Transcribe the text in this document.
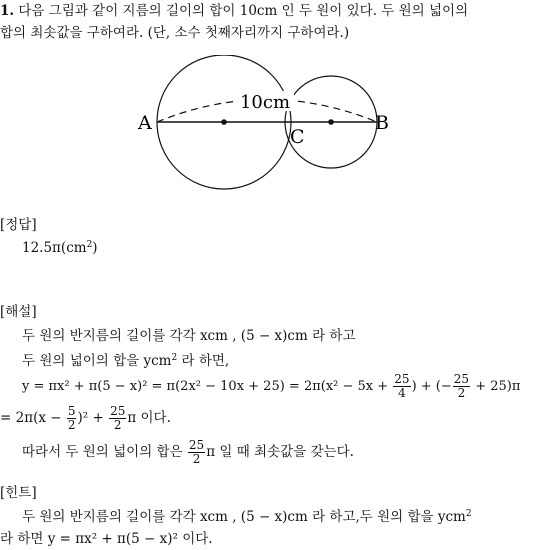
1. 다음 그림과 같이 지름의 길이의 합이 10cm 인 두 원이 있다. 두 원의 넓이의
합의 최솟값을 구하여라. (단, 소수 첫째자리까지 구하여라.)
10cm
A	B
C
[정답]
$12.5\pi(cm^2)$
[해설]
두 원의 반지름의 길이를 각각 xcm , (5 − x)cm 라 하고
두 원의 넓이의 합을 ycm$^2$ 라 하면,
$y = \pi x^2 + \pi(5 - x)^2 = \pi(2x^2 - 10x + 25) = 2\pi(x^2 - 5x + \frac{25}{4}$ ) + (− $\frac{25}{2} + 25)\pi$
= $2\pi(x - \frac{5}{2} )^2 + \frac{25}{2}$ π 이다.
따라서 두 원의 넓이의 합은 $\frac{25}{2}$ π 일 때 최솟값을 갖는다.
[힌트]
두 원의 반지름의 길이를 각각 xcm , (5 − x)cm 라 하고,두 원의 합을 ycm$^2$
라 하면 y = πx² + π(5 − x)² 이다.
